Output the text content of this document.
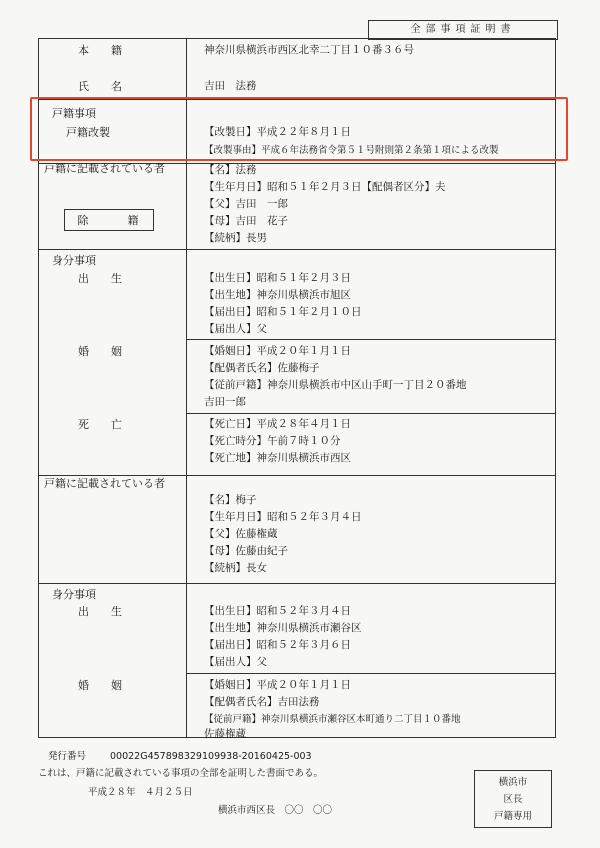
全部事項証明書
本　　籍	神奈川県横浜市西区北幸二丁目１０番３６号
氏　　名	吉田　法務
戸籍事項
戸籍改製	【改製日】平成２２年８月１日
【改製事由】平成６年法務省令第５１号附則第２条第１項による改製
戸籍に記載されている者
除　籍
【名】法務
【生年月日】昭和５１年２月３日【配偶者区分】夫
【父】吉田　一郎
【母】吉田　花子
【続柄】長男
身分事項
出　　生	【出生日】昭和５１年２月３日
【出生地】神奈川県横浜市旭区
【届出日】昭和５１年２月１０日
【届出人】父
婚　　姻	【婚姻日】平成２０年１月１日
【配偶者氏名】佐藤梅子
【従前戸籍】神奈川県横浜市中区山手町一丁目２０番地
吉田一郎
死　　亡	【死亡日】平成２８年４月１日
【死亡時分】午前７時１０分
【死亡地】神奈川県横浜市西区
戸籍に記載されている者
【名】梅子
【生年月日】昭和５２年３月４日
【父】佐藤権蔵
【母】佐藤由紀子
【続柄】長女
身分事項
出　　生	【出生日】昭和５２年３月４日
【出生地】神奈川県横浜市瀬谷区
【届出日】昭和５２年３月６日
【届出人】父
婚　　姻	【婚姻日】平成２０年１月１日
【配偶者氏名】吉田法務
【従前戸籍】神奈川県横浜市瀬谷区本町通り二丁目１０番地
佐藤権蔵
発行番号	00022G457898329109938-20160425-003
これは、戸籍に記載されている事項の全部を証明した書面である。
平成２８年　４月２５日
横浜市西区長　〇〇　〇〇
横浜市
区長
戸籍専用
